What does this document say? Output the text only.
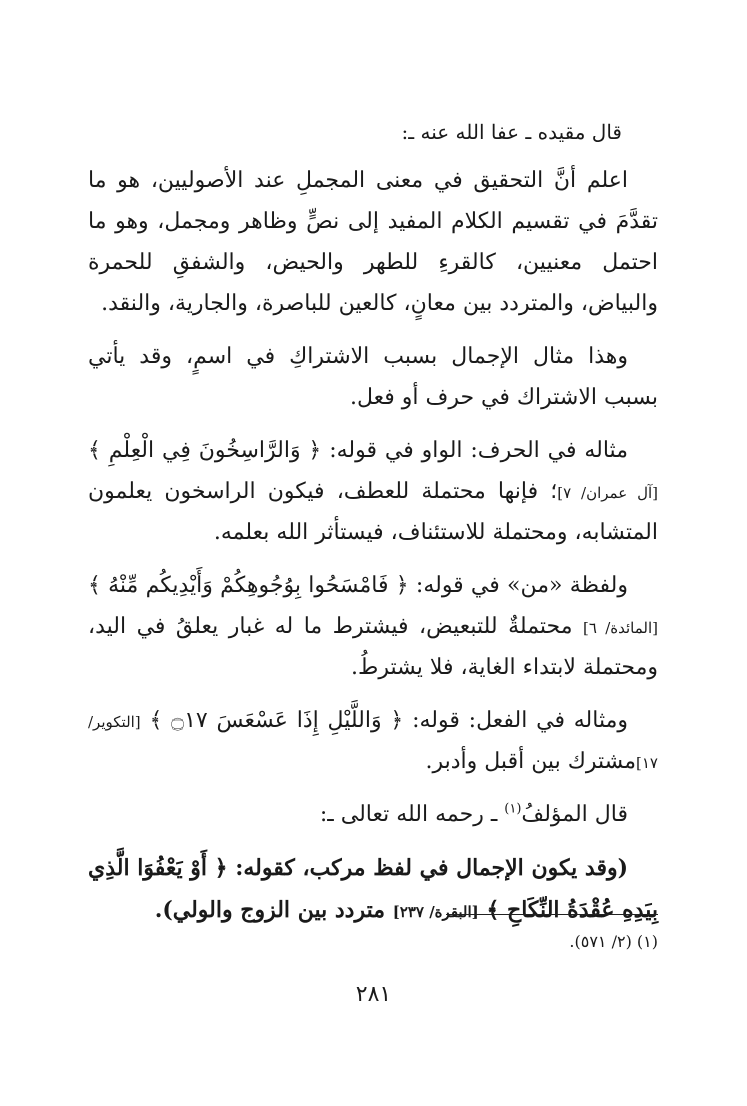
قال مقيده ـ عفا الله عنه ـ:

اعلم أنَّ التحقيق في معنى المجملِ عند الأصوليين، هو ما تقدَّمَ في تقسيم الكلام المفيد إلى نصٍّ وظاهر ومجمل، وهو ما احتمل معنيين، كالقرءِ للطهر والحيض، والشفقِ للحمرة والبياض، والمتردد بين معانٍ، كالعين للباصرة، والجارية، والنقد.

وهذا مثال الإجمال بسبب الاشتراكِ في اسمٍ، وقد يأتي بسبب الاشتراك في حرف أو فعل.

مثاله في الحرف: الواو في قوله: ﴿ وَالرَّاسِخُونَ فِي الْعِلْمِ ﴾ [آل عمران/ ٧]؛ فإنها محتملة للعطف، فيكون الراسخون يعلمون المتشابه، ومحتملة للاستئناف، فيستأثر الله بعلمه.

ولفظة «من» في قوله: ﴿ فَامْسَحُوا بِوُجُوهِكُمْ وَأَيْدِيكُم مِّنْهُ ﴾ [المائدة/ ٦] محتملةٌ للتبعيض، فيشترط ما له غبار يعلقُ في اليد، ومحتملة لابتداء الغاية، فلا يشترطُ.

ومثاله في الفعل: قوله: ﴿ وَاللَّيْلِ إِذَا عَسْعَسَ ۝١٧ ﴾ [التكوير/ ١٧]مشترك بين أقبل وأدبر.

قال المؤلفُ$^{(١)}$ ـ رحمه الله تعالى ـ:

(وقد يكون الإجمال في لفظ مركب، كقوله: ﴿ أَوْ يَعْفُوَا الَّذِي بِيَدِهِ عُقْدَةُ النِّكَاحِ ﴾ [البقرة/ ٢٣٧] متردد بين الزوج والولي).

(١) (٢/ ٥٧١).
٢٨١
